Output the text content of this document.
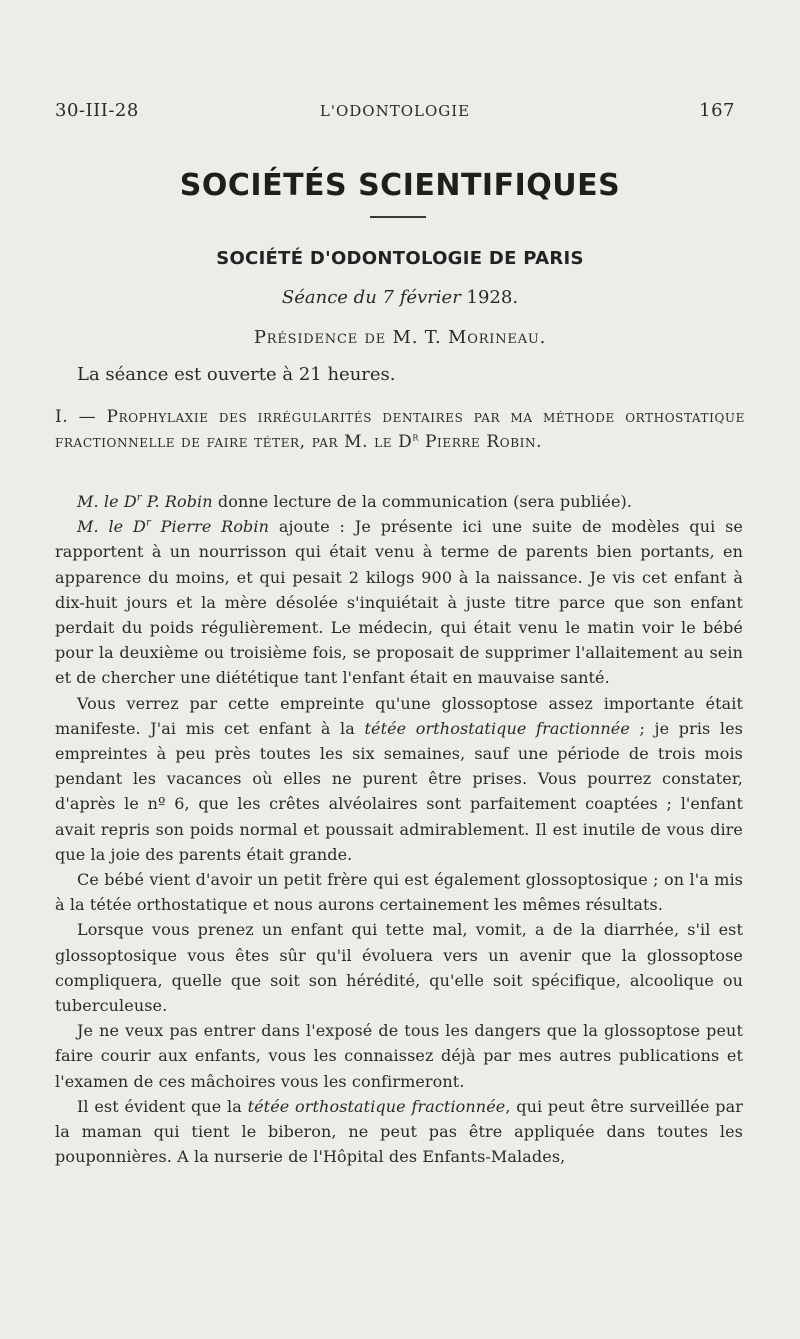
30-III-28	L'ODONTOLOGIE	167
SOCIÉTÉS SCIENTIFIQUES
SOCIÉTÉ D'ODONTOLOGIE DE PARIS
Séance du 7 février 1928.
Présidence de M. T. Morineau.
La séance est ouverte à 21 heures.
I. — Prophylaxie des irrégularités dentaires par ma méthode orthostatique fractionnelle de faire téter, par M. le $D^r$ Pierre Robin.

M. le $D^r$ P. Robin donne lecture de la communication (sera publiée).

M. le $D^r$ Pierre Robin ajoute : Je présente ici une suite de modèles qui se rapportent à un nourrisson qui était venu à terme de parents bien portants, en apparence du moins, et qui pesait 2 kilogs 900 à la naissance. Je vis cet enfant à dix-huit jours et la mère désolée s'inquiétait à juste titre parce que son enfant perdait du poids régulièrement. Le médecin, qui était venu le matin voir le bébé pour la deuxième ou troisième fois, se proposait de supprimer l'allaitement au sein et de chercher une diététique tant l'enfant était en mauvaise santé.

Vous verrez par cette empreinte qu'une glossoptose assez importante était manifeste. J'ai mis cet enfant à la tétée orthostatique fractionnée ; je pris les empreintes à peu près toutes les six semaines, sauf une période de trois mois pendant les vacances où elles ne purent être prises. Vous pourrez constater, d'après le nº 6, que les crêtes alvéolaires sont parfaitement coaptées ; l'enfant avait repris son poids normal et poussait admirablement. Il est inutile de vous dire que la joie des parents était grande.

Ce bébé vient d'avoir un petit frère qui est également glossoptosique ; on l'a mis à la tétée orthostatique et nous aurons certainement les mêmes résultats.

Lorsque vous prenez un enfant qui tette mal, vomit, a de la diarrhée, s'il est glossoptosique vous êtes sûr qu'il évoluera vers un avenir que la glossoptose compliquera, quelle que soit son hérédité, qu'elle soit spécifique, alcoolique ou tuberculeuse.

Je ne veux pas entrer dans l'exposé de tous les dangers que la glossoptose peut faire courir aux enfants, vous les connaissez déjà par mes autres publications et l'examen de ces mâchoires vous les confirmeront.

Il est évident que la tétée orthostatique fractionnée, qui peut être surveillée par la maman qui tient le biberon, ne peut pas être appliquée dans toutes les pouponnières. A la nurserie de l'Hôpital des Enfants-Malades,
